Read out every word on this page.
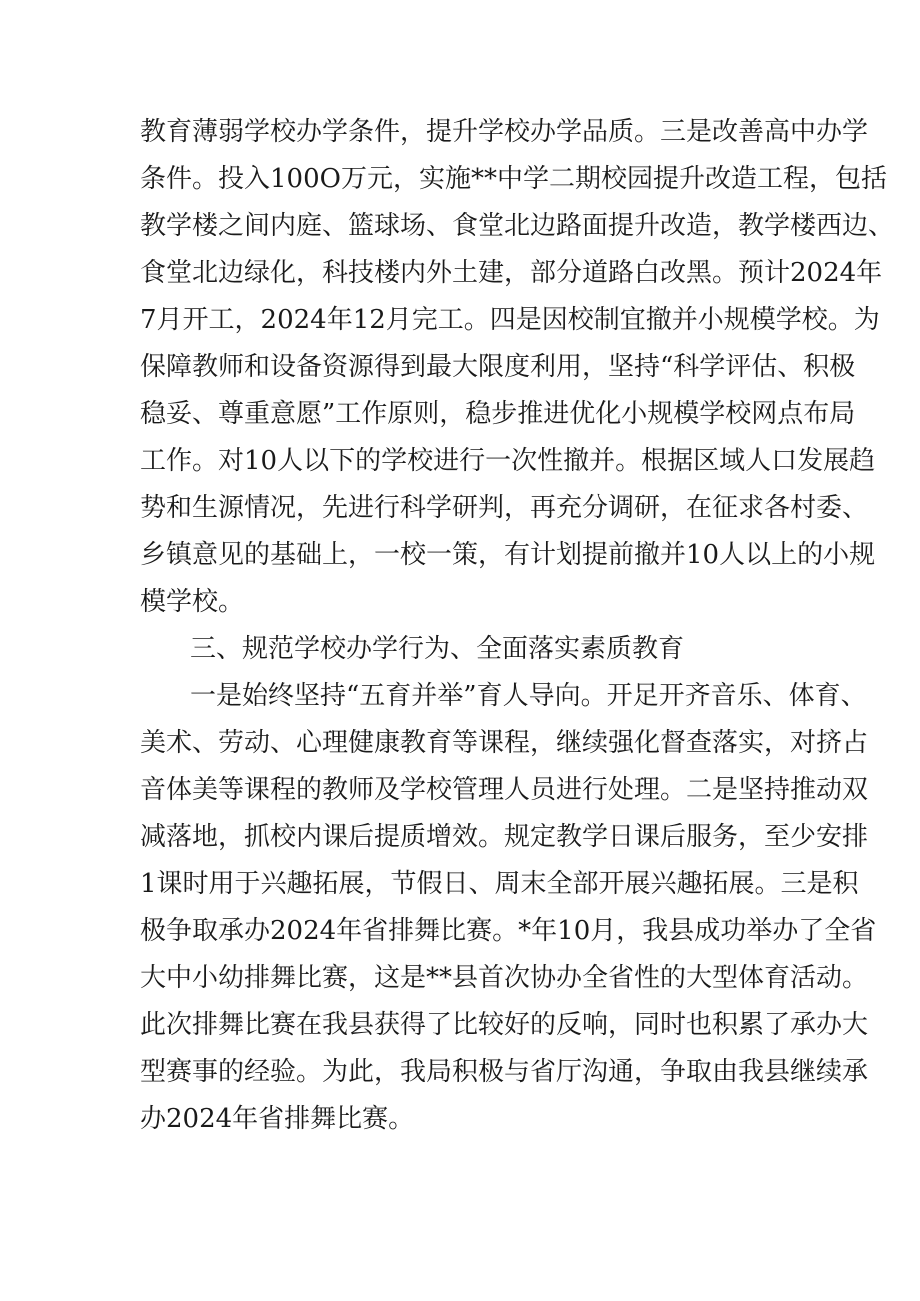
教育薄弱学校办学条件，提升学校办学品质。三是改善高中办学
条件。投入100O万元，实施**中学二期校园提升改造工程，包括
教学楼之间内庭、篮球场、食堂北边路面提升改造，教学楼西边、
食堂北边绿化，科技楼内外土建，部分道路白改黑。预计2024年
7月开工，2024年12月完工。四是因校制宜撤并小规模学校。为
保障教师和设备资源得到最大限度利用，坚持“科学评估、积极
稳妥、尊重意愿”工作原则，稳步推进优化小规模学校网点布局
工作。对10人以下的学校进行一次性撤并。根据区域人口发展趋
势和生源情况，先进行科学研判，再充分调研，在征求各村委、
乡镇意见的基础上，一校一策，有计划提前撤并10人以上的小规
模学校。
三、规范学校办学行为、全面落实素质教育
一是始终坚持“五育并举”育人导向。开足开齐音乐、体育、
美术、劳动、心理健康教育等课程，继续强化督查落实，对挤占
音体美等课程的教师及学校管理人员进行处理。二是坚持推动双
减落地，抓校内课后提质增效。规定教学日课后服务，至少安排
1课时用于兴趣拓展，节假日、周末全部开展兴趣拓展。三是积
极争取承办2024年省排舞比赛。*年10月，我县成功举办了全省
大中小幼排舞比赛，这是**县首次协办全省性的大型体育活动。
此次排舞比赛在我县获得了比较好的反响，同时也积累了承办大
型赛事的经验。为此，我局积极与省厅沟通，争取由我县继续承
办2024年省排舞比赛。
